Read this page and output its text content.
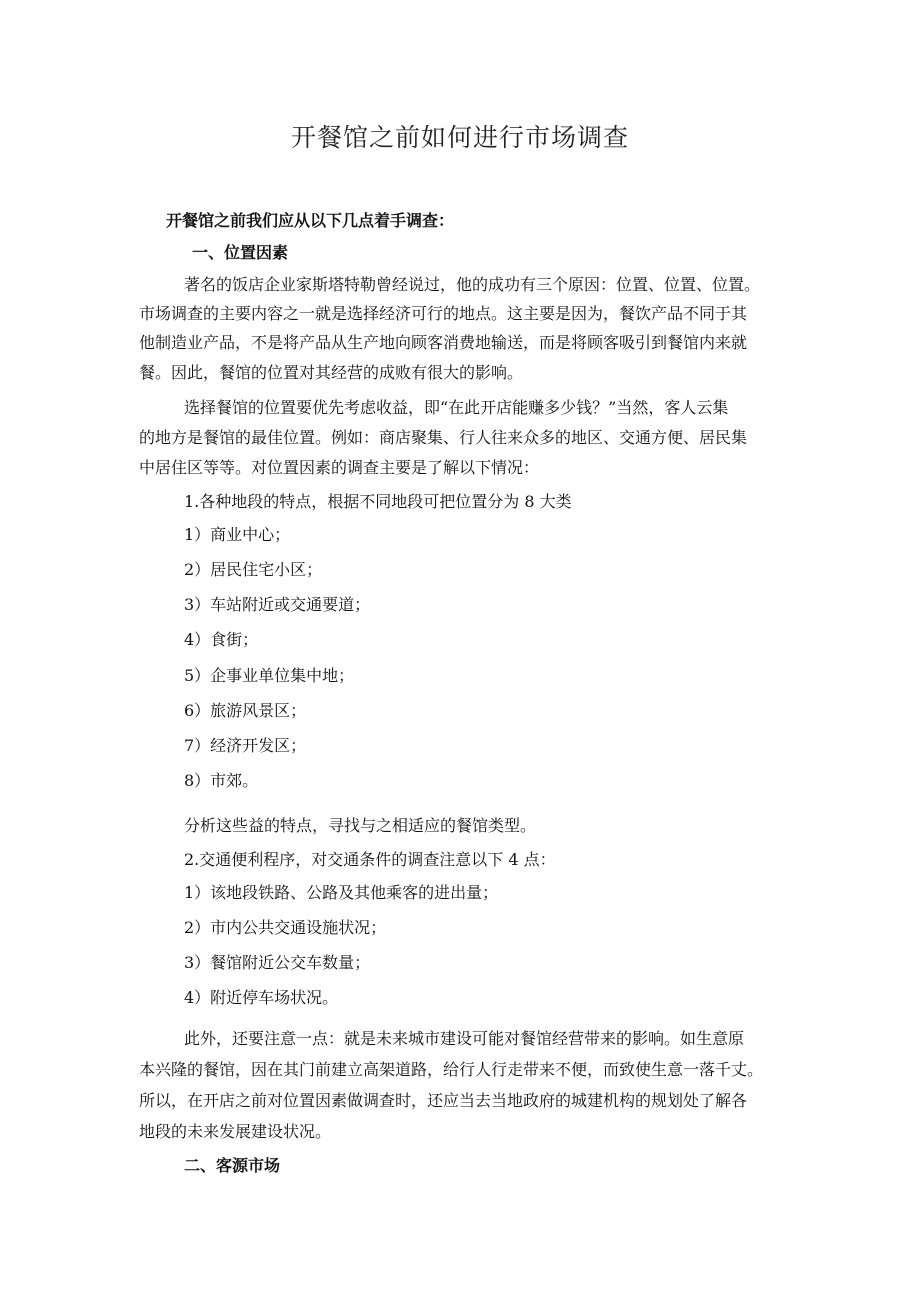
开餐馆之前如何进行市场调查
开餐馆之前我们应从以下几点着手调查：
一、位置因素
著名的饭店企业家斯塔特勒曾经说过，他的成功有三个原因：位置、位置、位置。
市场调查的主要内容之一就是选择经济可行的地点。这主要是因为，餐饮产品不同于其
他制造业产品，不是将产品从生产地向顾客消费地输送，而是将顾客吸引到餐馆内来就
餐。因此，餐馆的位置对其经营的成败有很大的影响。
选择餐馆的位置要优先考虑收益，即“在此开店能赚多少钱？”当然，客人云集
的地方是餐馆的最佳位置。例如：商店聚集、行人往来众多的地区、交通方便、居民集
中居住区等等。对位置因素的调查主要是了解以下情况：
1.各种地段的特点，根据不同地段可把位置分为 8 大类
1）商业中心；
2）居民住宅小区；
3）车站附近或交通要道；
4）食街；
5）企事业单位集中地；
6）旅游风景区；
7）经济开发区；
8）市郊。
分析这些益的特点，寻找与之相适应的餐馆类型。
2.交通便利程序，对交通条件的调查注意以下 4 点：
1）该地段铁路、公路及其他乘客的进出量；
2）市内公共交通设施状况；
3）餐馆附近公交车数量；
4）附近停车场状况。
此外，还要注意一点：就是未来城市建设可能对餐馆经营带来的影响。如生意原
本兴隆的餐馆，因在其门前建立高架道路，给行人行走带来不便，而致使生意一落千丈。
所以，在开店之前对位置因素做调查时，还应当去当地政府的城建机构的规划处了解各
地段的未来发展建设状况。
二、客源市场
